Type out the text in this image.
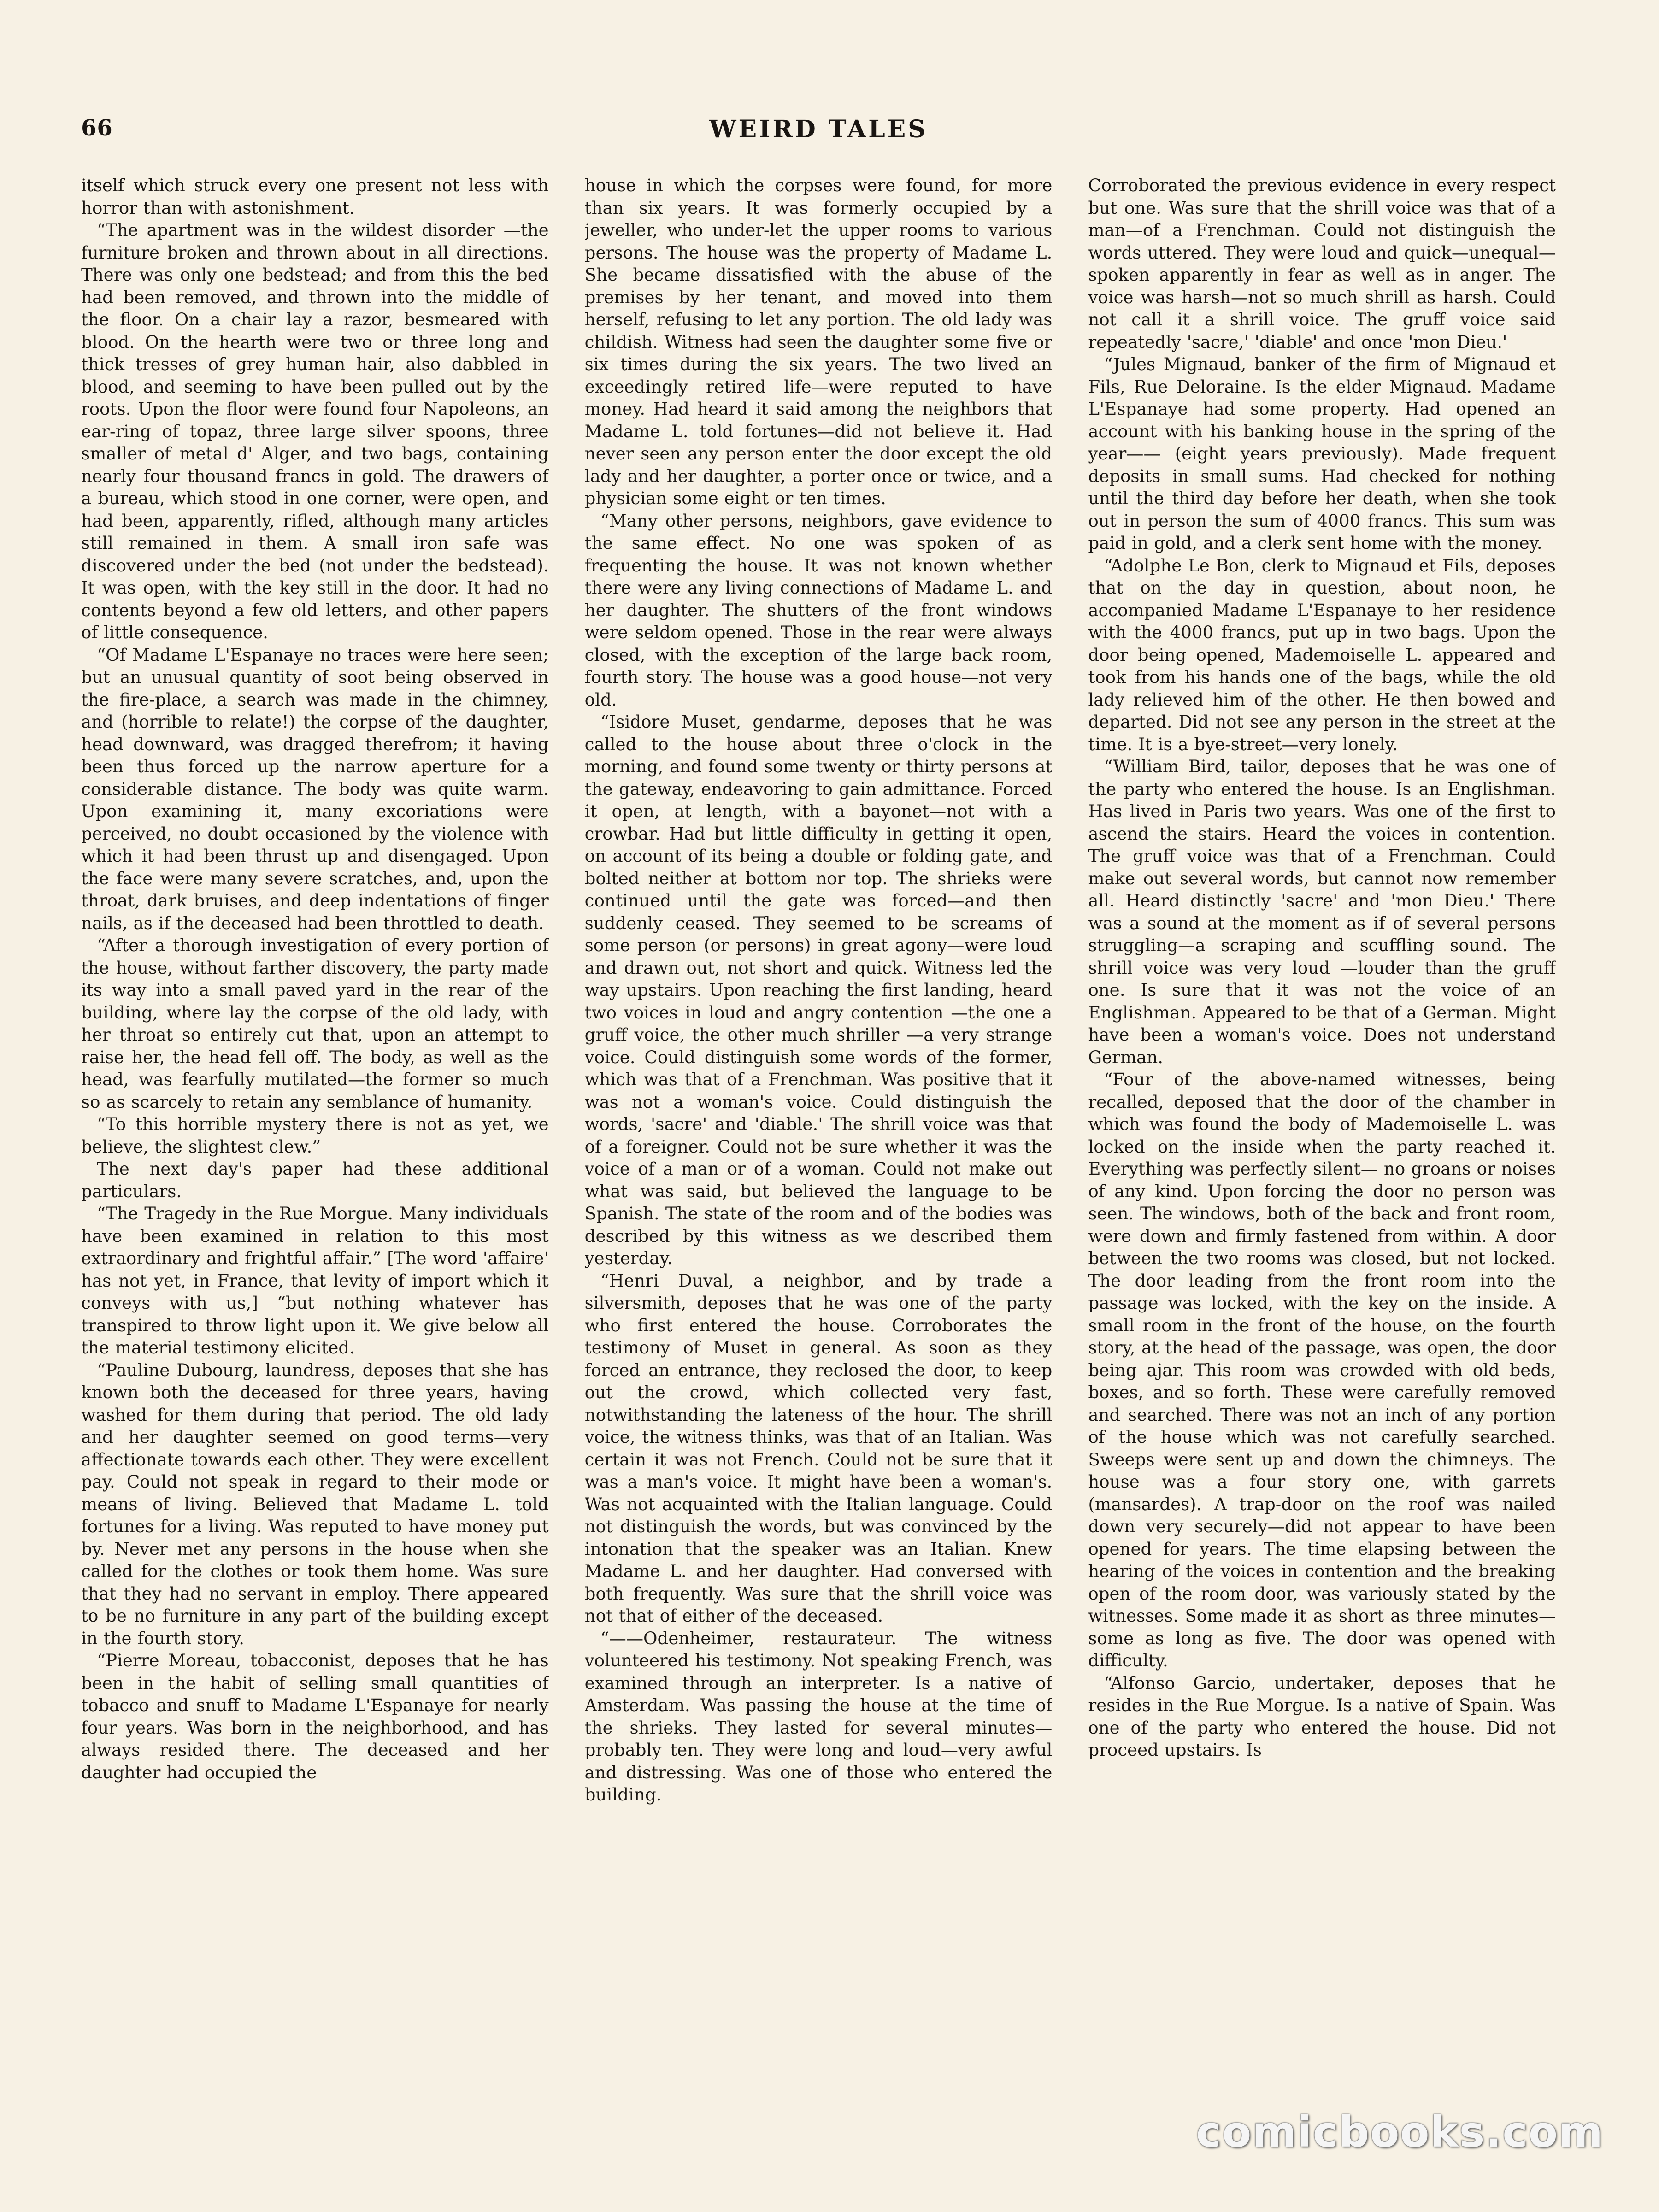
66	WEIRD TALES

itself which struck every one present not less with horror than with astonishment.

“The apartment was in the wildest disorder —the furniture broken and thrown about in all directions. There was only one bedstead; and from this the bed had been removed, and thrown into the middle of the floor. On a chair lay a razor, besmeared with blood. On the hearth were two or three long and thick tresses of grey human hair, also dabbled in blood, and seeming to have been pulled out by the roots. Upon the floor were found four Napoleons, an ear-ring of topaz, three large silver spoons, three smaller of metal d' Alger, and two bags, containing nearly four thousand francs in gold. The drawers of a bureau, which stood in one corner, were open, and had been, apparently, rifled, although many articles still remained in them. A small iron safe was discovered under the bed (not under the bedstead). It was open, with the key still in the door. It had no contents beyond a few old letters, and other papers of little consequence.

“Of Madame L'Espanaye no traces were here seen; but an unusual quantity of soot being observed in the fire-place, a search was made in the chimney, and (horrible to relate!) the corpse of the daughter, head downward, was dragged therefrom; it having been thus forced up the narrow aperture for a considerable distance. The body was quite warm. Upon examining it, many excoriations were perceived, no doubt occasioned by the violence with which it had been thrust up and disengaged. Upon the face were many severe scratches, and, upon the throat, dark bruises, and deep indentations of finger nails, as if the deceased had been throttled to death.

“After a thorough investigation of every portion of the house, without farther discovery, the party made its way into a small paved yard in the rear of the building, where lay the corpse of the old lady, with her throat so entirely cut that, upon an attempt to raise her, the head fell off. The body, as well as the head, was fearfully mutilated—the former so much so as scarcely to retain any semblance of humanity.

“To this horrible mystery there is not as yet, we believe, the slightest clew.”

The next day's paper had these additional particulars.

“The Tragedy in the Rue Morgue. Many individuals have been examined in relation to this most extraordinary and frightful affair.” [The word 'affaire' has not yet, in France, that levity of import which it conveys with us,] “but nothing whatever has transpired to throw light upon it. We give below all the material testimony elicited.

“Pauline Dubourg, laundress, deposes that she has known both the deceased for three years, having washed for them during that period. The old lady and her daughter seemed on good terms—very affectionate towards each other. They were excellent pay. Could not speak in regard to their mode or means of living. Believed that Madame L. told fortunes for a living. Was reputed to have money put by. Never met any persons in the house when she called for the clothes or took them home. Was sure that they had no servant in employ. There appeared to be no furniture in any part of the building except in the fourth story.

“Pierre Moreau, tobacconist, deposes that he has been in the habit of selling small quantities of tobacco and snuff to Madame L'Espanaye for nearly four years. Was born in the neighborhood, and has always resided there. The deceased and her daughter had occupied the

house in which the corpses were found, for more than six years. It was formerly occupied by a jeweller, who under-let the upper rooms to various persons. The house was the property of Madame L. She became dissatisfied with the abuse of the premises by her tenant, and moved into them herself, refusing to let any portion. The old lady was childish. Witness had seen the daughter some five or six times during the six years. The two lived an exceedingly retired life—were reputed to have money. Had heard it said among the neighbors that Madame L. told fortunes—did not believe it. Had never seen any person enter the door except the old lady and her daughter, a porter once or twice, and a physician some eight or ten times.

“Many other persons, neighbors, gave evidence to the same effect. No one was spoken of as frequenting the house. It was not known whether there were any living connections of Madame L. and her daughter. The shutters of the front windows were seldom opened. Those in the rear were always closed, with the exception of the large back room, fourth story. The house was a good house—not very old.

“Isidore Muset, gendarme, deposes that he was called to the house about three o'clock in the morning, and found some twenty or thirty persons at the gateway, endeavoring to gain admittance. Forced it open, at length, with a bayonet—not with a crowbar. Had but little difficulty in getting it open, on account of its being a double or folding gate, and bolted neither at bottom nor top. The shrieks were continued until the gate was forced—and then suddenly ceased. They seemed to be screams of some person (or persons) in great agony—were loud and drawn out, not short and quick. Witness led the way upstairs. Upon reaching the first landing, heard two voices in loud and angry contention —the one a gruff voice, the other much shriller —a very strange voice. Could distinguish some words of the former, which was that of a Frenchman. Was positive that it was not a woman's voice. Could distinguish the words, 'sacre' and 'diable.' The shrill voice was that of a foreigner. Could not be sure whether it was the voice of a man or of a woman. Could not make out what was said, but believed the language to be Spanish. The state of the room and of the bodies was described by this witness as we described them yesterday.

“Henri Duval, a neighbor, and by trade a silversmith, deposes that he was one of the party who first entered the house. Corroborates the testimony of Muset in general. As soon as they forced an entrance, they reclosed the door, to keep out the crowd, which collected very fast, notwithstanding the lateness of the hour. The shrill voice, the witness thinks, was that of an Italian. Was certain it was not French. Could not be sure that it was a man's voice. It might have been a woman's. Was not acquainted with the Italian language. Could not distinguish the words, but was convinced by the intonation that the speaker was an Italian. Knew Madame L. and her daughter. Had conversed with both frequently. Was sure that the shrill voice was not that of either of the deceased.

“——Odenheimer, restaurateur. The witness volunteered his testimony. Not speaking French, was examined through an interpreter. Is a native of Amsterdam. Was passing the house at the time of the shrieks. They lasted for several minutes—probably ten. They were long and loud—very awful and distressing. Was one of those who entered the building.

Corroborated the previous evidence in every respect but one. Was sure that the shrill voice was that of a man—of a Frenchman. Could not distinguish the words uttered. They were loud and quick—unequal—spoken apparently in fear as well as in anger. The voice was harsh—not so much shrill as harsh. Could not call it a shrill voice. The gruff voice said repeatedly 'sacre,' 'diable' and once 'mon Dieu.'

“Jules Mignaud, banker of the firm of Mignaud et Fils, Rue Deloraine. Is the elder Mignaud. Madame L'Espanaye had some property. Had opened an account with his banking house in the spring of the year—— (eight years previously). Made frequent deposits in small sums. Had checked for nothing until the third day before her death, when she took out in person the sum of 4000 francs. This sum was paid in gold, and a clerk sent home with the money.

“Adolphe Le Bon, clerk to Mignaud et Fils, deposes that on the day in question, about noon, he accompanied Madame L'Espanaye to her residence with the 4000 francs, put up in two bags. Upon the door being opened, Mademoiselle L. appeared and took from his hands one of the bags, while the old lady relieved him of the other. He then bowed and departed. Did not see any person in the street at the time. It is a bye-street—very lonely.

“William Bird, tailor, deposes that he was one of the party who entered the house. Is an Englishman. Has lived in Paris two years. Was one of the first to ascend the stairs. Heard the voices in contention. The gruff voice was that of a Frenchman. Could make out several words, but cannot now remember all. Heard distinctly 'sacre' and 'mon Dieu.' There was a sound at the moment as if of several persons struggling—a scraping and scuffling sound. The shrill voice was very loud —louder than the gruff one. Is sure that it was not the voice of an Englishman. Appeared to be that of a German. Might have been a woman's voice. Does not understand German.

“Four of the above-named witnesses, being recalled, deposed that the door of the chamber in which was found the body of Mademoiselle L. was locked on the inside when the party reached it. Everything was perfectly silent— no groans or noises of any kind. Upon forcing the door no person was seen. The windows, both of the back and front room, were down and firmly fastened from within. A door between the two rooms was closed, but not locked. The door leading from the front room into the passage was locked, with the key on the inside. A small room in the front of the house, on the fourth story, at the head of the passage, was open, the door being ajar. This room was crowded with old beds, boxes, and so forth. These were carefully removed and searched. There was not an inch of any portion of the house which was not carefully searched. Sweeps were sent up and down the chimneys. The house was a four story one, with garrets (mansardes). A trap-door on the roof was nailed down very securely—did not appear to have been opened for years. The time elapsing between the hearing of the voices in contention and the breaking open of the room door, was variously stated by the witnesses. Some made it as short as three minutes—some as long as five. The door was opened with difficulty.

“Alfonso Garcio, undertaker, deposes that he resides in the Rue Morgue. Is a native of Spain. Was one of the party who entered the house. Did not proceed upstairs. Is

comicbooks.com
